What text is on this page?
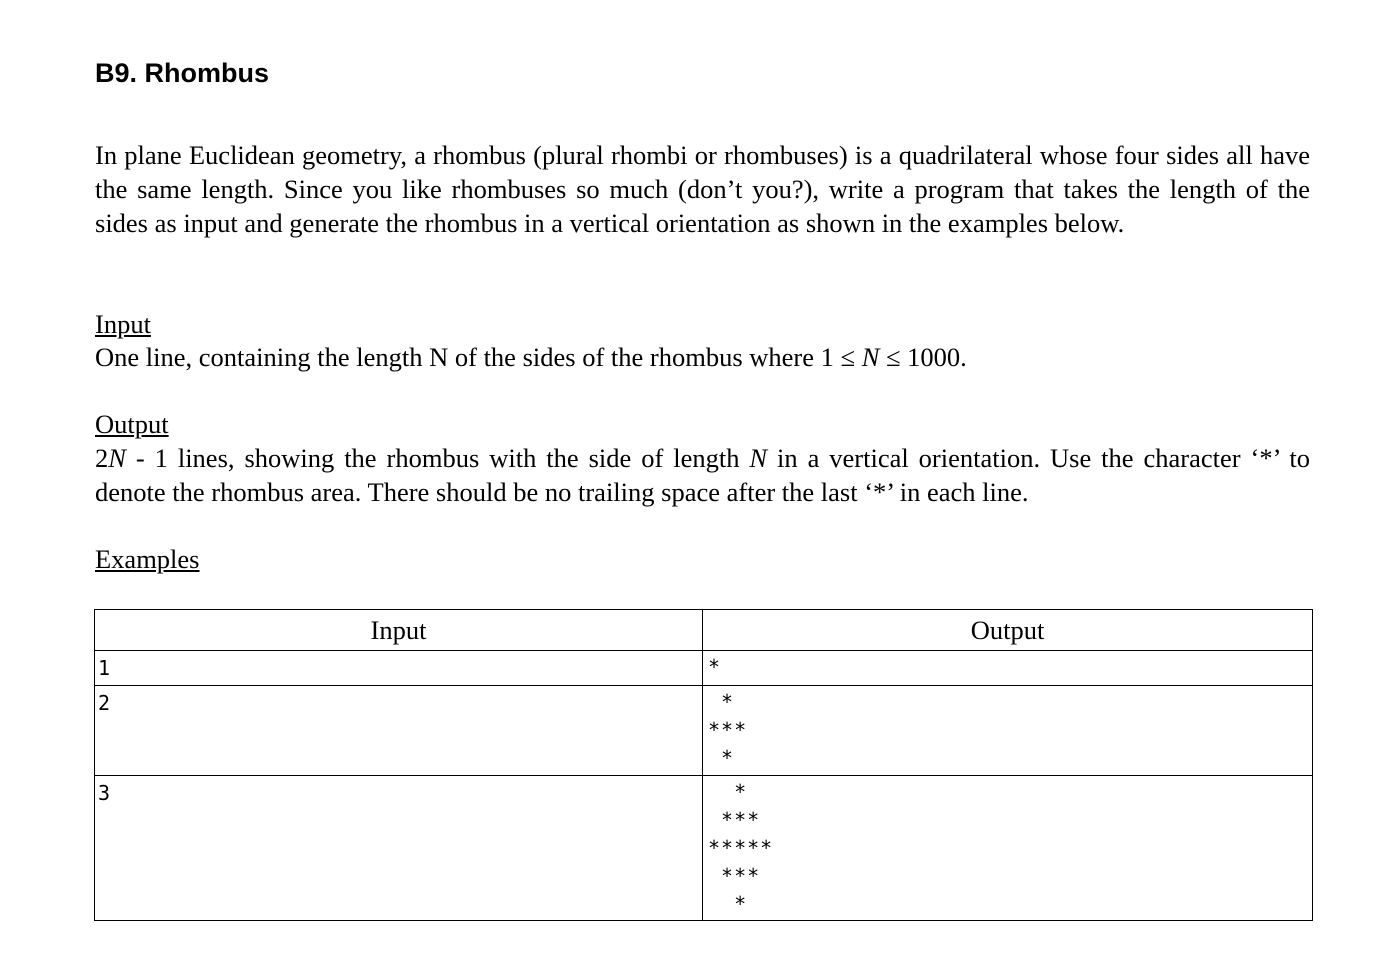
B9. Rhombus

In plane Euclidean geometry, a rhombus (plural rhombi or rhombuses) is a quadrilateral whose four sides all have the same length. Since you like rhombuses so much (don’t you?), write a program that takes the length of the sides as input and generate the rhombus in a vertical orientation as shown in the examples below.

Input

One line, containing the length N of the sides of the rhombus where 1 ≤ N ≤ 1000.

Output

2N - 1 lines, showing the rhombus with the side of length N in a vertical orientation. Use the character ‘*’ to denote the rhombus area. There should be no trailing space after the last ‘*’ in each line.

Examples

Input	Output

1	*

2	*
***
*

3	*
***
*****
***
*
